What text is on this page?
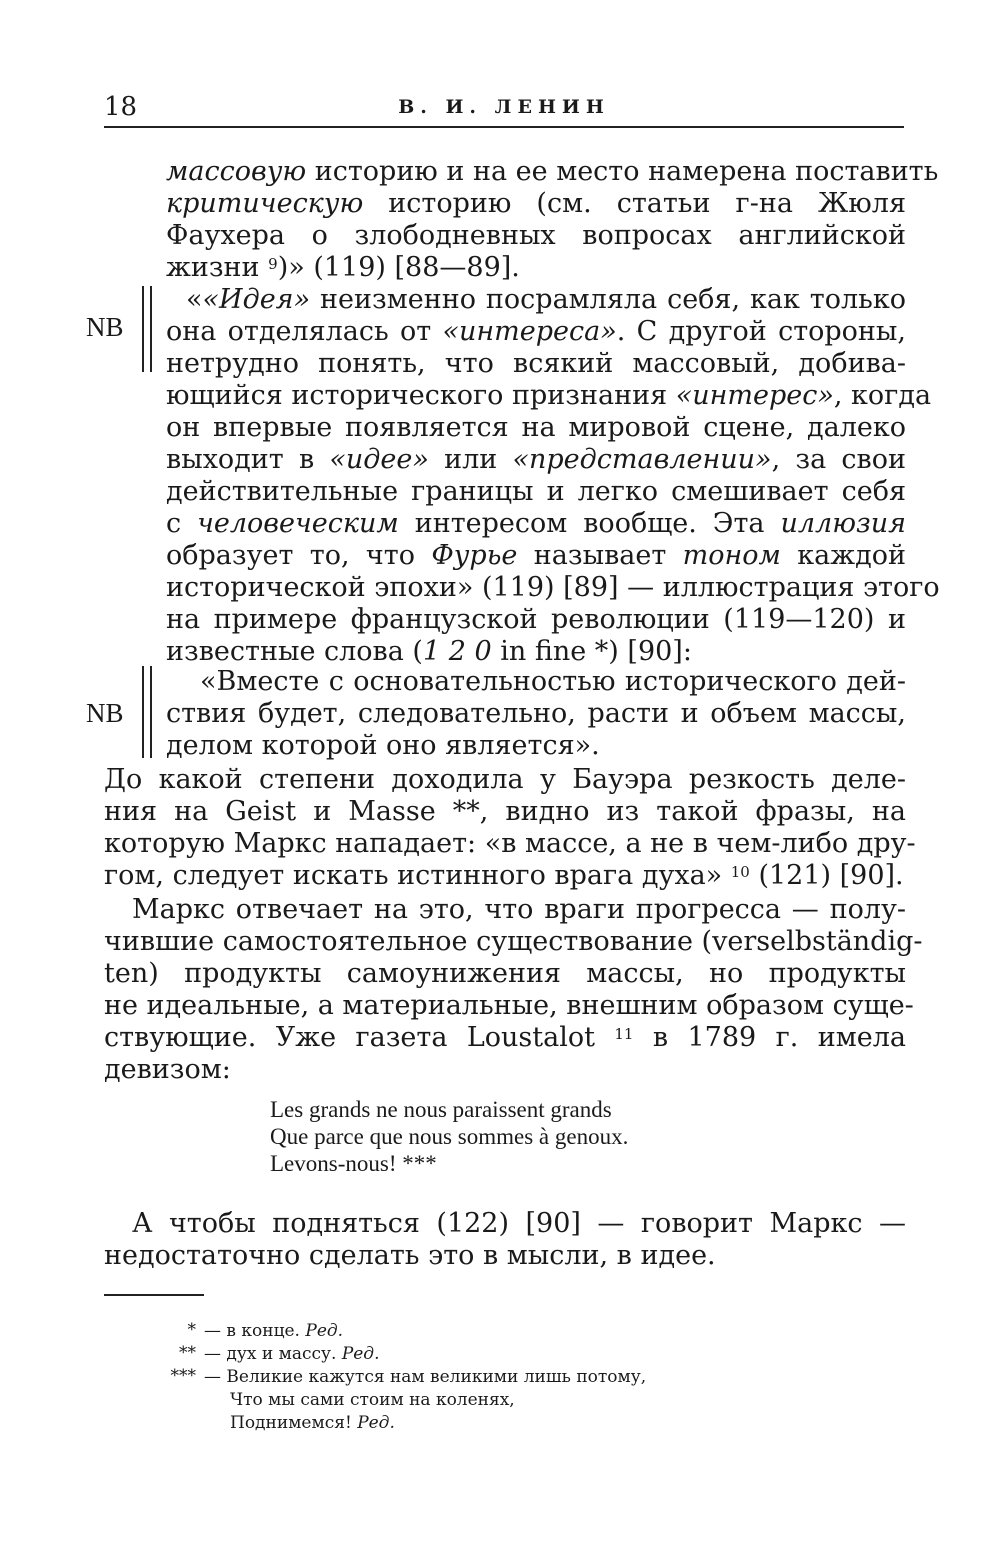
18	В. И. ЛЕНИН
массовую историю и на ее место намерена поставить
критическую историю (см. статьи г-на Жюля
Фаухера о злободневных вопросах английской
жизни $^9$)» (119) [88—89].
NB
««Идея» неизменно посрамляла себя, как только
она отделялась от «интереса». С другой стороны,
нетрудно понять, что всякий массовый, добива-
ющийся исторического признания «интерес», когда
он впервые появляется на мировой сцене, далеко
выходит в «идее» или «представлении», за свои
действительные границы и легко смешивает себя
с человеческим интересом вообще. Эта иллюзия
образует то, что Фурье называет тоном каждой
исторической эпохи» (119) [89] — иллюстрация этого
на примере французской революции (119—120) и
известные слова (1 2 0 in fine *) [90]:
NB
«Вместе с основательностью исторического дей-
ствия будет, следовательно, расти и объем массы,
делом которой оно является».
До какой степени доходила у Бауэра резкость деле-
ния на Geist и Masse **, видно из такой фразы, на
которую Маркс нападает: «в массе, а не в чем-либо дру-
гом, следует искать истинного врага духа» $^{10}$ (121) [90].
Маркс отвечает на это, что враги прогресса — полу-
чившие самостоятельное существование (verselbständig-
ten) продукты самоунижения массы, но продукты
не идеальные, а материальные, внешним образом суще-
ствующие. Уже газета Loustalot $^{11}$ в 1789 г. имела
девизом:
Les grands ne nous paraissent grands
Que parce que nous sommes à genoux.
Levons-nous! ***
А чтобы подняться (122) [90] — говорит Маркс —
недостаточно сделать это в мысли, в идее.
* — в конце. Ред.
** — дух и массу. Ред.
*** — Великие кажутся нам великими лишь потому,
Что мы сами стоим на коленях,
Поднимемся! Ред.
